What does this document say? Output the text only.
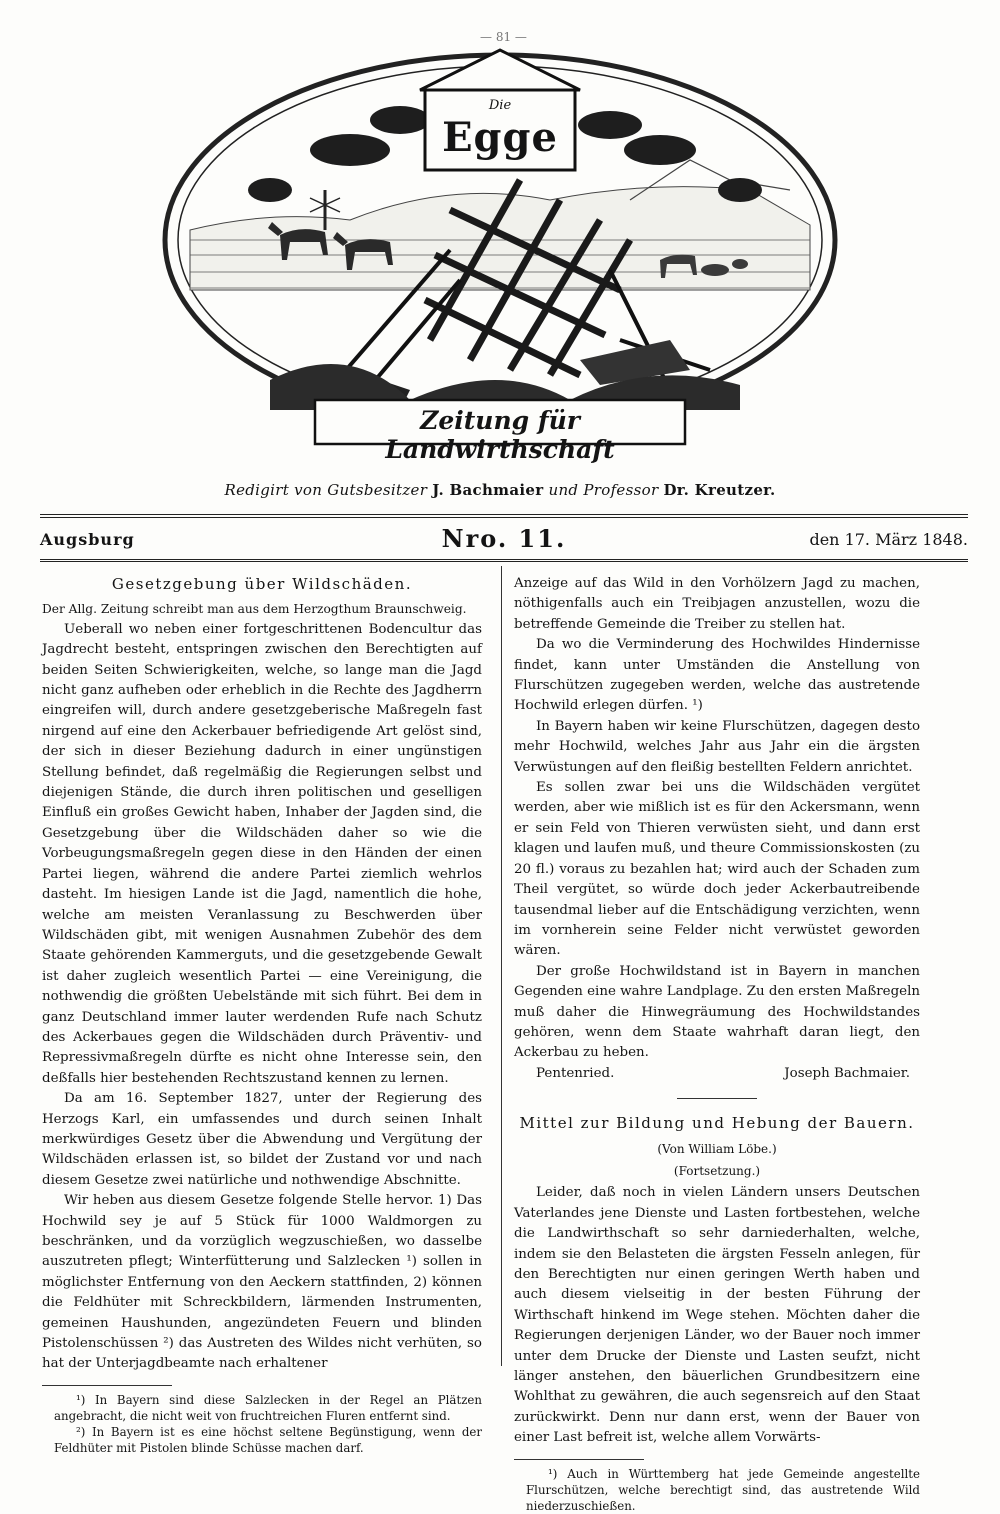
— 81 —
Die
Egge
Zeitung für Landwirthschaft
Redigirt von Gutsbesitzer J. Bachmaier und Professor Dr. Kreutzer.
Nro. 11.
Augsburg	den 17. März 1848.
Gesetzgebung über Wildschäden.

Der Allg. Zeitung schreibt man aus dem Herzogthum Braunschweig.

Ueberall wo neben einer fortgeschrittenen Bodencultur das Jagdrecht besteht, entspringen zwischen den Berechtigten auf beiden Seiten Schwierigkeiten, welche, so lange man die Jagd nicht ganz aufheben oder erheblich in die Rechte des Jagdherrn eingreifen will, durch andere gesetzgeberische Maßregeln fast nirgend auf eine den Ackerbauer befriedigende Art gelöst sind, der sich in dieser Beziehung dadurch in einer ungünstigen Stellung befindet, daß regelmäßig die Regierungen selbst und diejenigen Stände, die durch ihren politischen und geselligen Einfluß ein großes Gewicht haben, Inhaber der Jagden sind, die Gesetzgebung über die Wildschäden daher so wie die Vorbeugungsmaßregeln gegen diese in den Händen der einen Partei liegen, während die andere Partei ziemlich wehrlos dasteht. Im hiesigen Lande ist die Jagd, namentlich die hohe, welche am meisten Veranlassung zu Beschwerden über Wildschäden gibt, mit wenigen Ausnahmen Zubehör des dem Staate gehörenden Kammerguts, und die gesetzgebende Gewalt ist daher zugleich wesentlich Partei — eine Vereinigung, die nothwendig die größten Uebelstände mit sich führt. Bei dem in ganz Deutschland immer lauter werdenden Rufe nach Schutz des Ackerbaues gegen die Wildschäden durch Präventiv- und Repressivmaßregeln dürfte es nicht ohne Interesse sein, den deßfalls hier bestehenden Rechtszustand kennen zu lernen.

Da am 16. September 1827, unter der Regierung des Herzogs Karl, ein umfassendes und durch seinen Inhalt merkwürdiges Gesetz über die Abwendung und Vergütung der Wildschäden erlassen ist, so bildet der Zustand vor und nach diesem Gesetze zwei natürliche und nothwendige Abschnitte.

Wir heben aus diesem Gesetze folgende Stelle hervor. 1) Das Hochwild sey je auf 5 Stück für 1000 Waldmorgen zu beschränken, und da vorzüglich wegzuschießen, wo dasselbe auszutreten pflegt; Winterfütterung und Salzlecken ¹) sollen in möglichster Entfernung von den Aeckern stattfinden, 2) können die Feldhüter mit Schreckbildern, lärmenden Instrumenten, gemeinen Haushunden, angezündeten Feuern und blinden Pistolenschüssen ²) das Austreten des Wildes nicht verhüten, so hat der Unterjagdbeamte nach erhaltener

¹) In Bayern sind diese Salzlecken in der Regel an Plätzen angebracht, die nicht weit von fruchtreichen Fluren entfernt sind.

²) In Bayern ist es eine höchst seltene Begünstigung, wenn der Feldhüter mit Pistolen blinde Schüsse machen darf.

Anzeige auf das Wild in den Vorhölzern Jagd zu machen, nöthigenfalls auch ein Treibjagen anzustellen, wozu die betreffende Gemeinde die Treiber zu stellen hat.

Da wo die Verminderung des Hochwildes Hindernisse findet, kann unter Umständen die Anstellung von Flurschützen zugegeben werden, welche das austretende Hochwild erlegen dürfen. ¹)

In Bayern haben wir keine Flurschützen, dagegen desto mehr Hochwild, welches Jahr aus Jahr ein die ärgsten Verwüstungen auf den fleißig bestellten Feldern anrichtet.

Es sollen zwar bei uns die Wildschäden vergütet werden, aber wie mißlich ist es für den Ackersmann, wenn er sein Feld von Thieren verwüsten sieht, und dann erst klagen und laufen muß, und theure Commissionskosten (zu 20 fl.) voraus zu bezahlen hat; wird auch der Schaden zum Theil vergütet, so würde doch jeder Ackerbautreibende tausendmal lieber auf die Entschädigung verzichten, wenn im vornherein seine Felder nicht verwüstet geworden wären.

Der große Hochwildstand ist in Bayern in manchen Gegenden eine wahre Landplage. Zu den ersten Maßregeln muß daher die Hinwegräumung des Hochwildstandes gehören, wenn dem Staate wahrhaft daran liegt, den Ackerbau zu heben.

Pentenried.	Joseph Bachmaier.
Mittel zur Bildung und Hebung der Bauern.
(Von William Löbe.)
(Fortsetzung.)

Leider, daß noch in vielen Ländern unsers Deutschen Vaterlandes jene Dienste und Lasten fortbestehen, welche die Landwirthschaft so sehr darniederhalten, welche, indem sie den Belasteten die ärgsten Fesseln anlegen, für den Berechtigten nur einen geringen Werth haben und auch diesem vielseitig in der besten Führung der Wirthschaft hinkend im Wege stehen. Möchten daher die Regierungen derjenigen Länder, wo der Bauer noch immer unter dem Drucke der Dienste und Lasten seufzt, nicht länger anstehen, den bäuerlichen Grundbesitzern eine Wohlthat zu gewähren, die auch segensreich auf den Staat zurückwirkt. Denn nur dann erst, wenn der Bauer von einer Last befreit ist, welche allem Vorwärts-

¹) Auch in Württemberg hat jede Gemeinde angestellte Flurschützen, welche berechtigt sind, das austretende Wild niederzuschießen.
